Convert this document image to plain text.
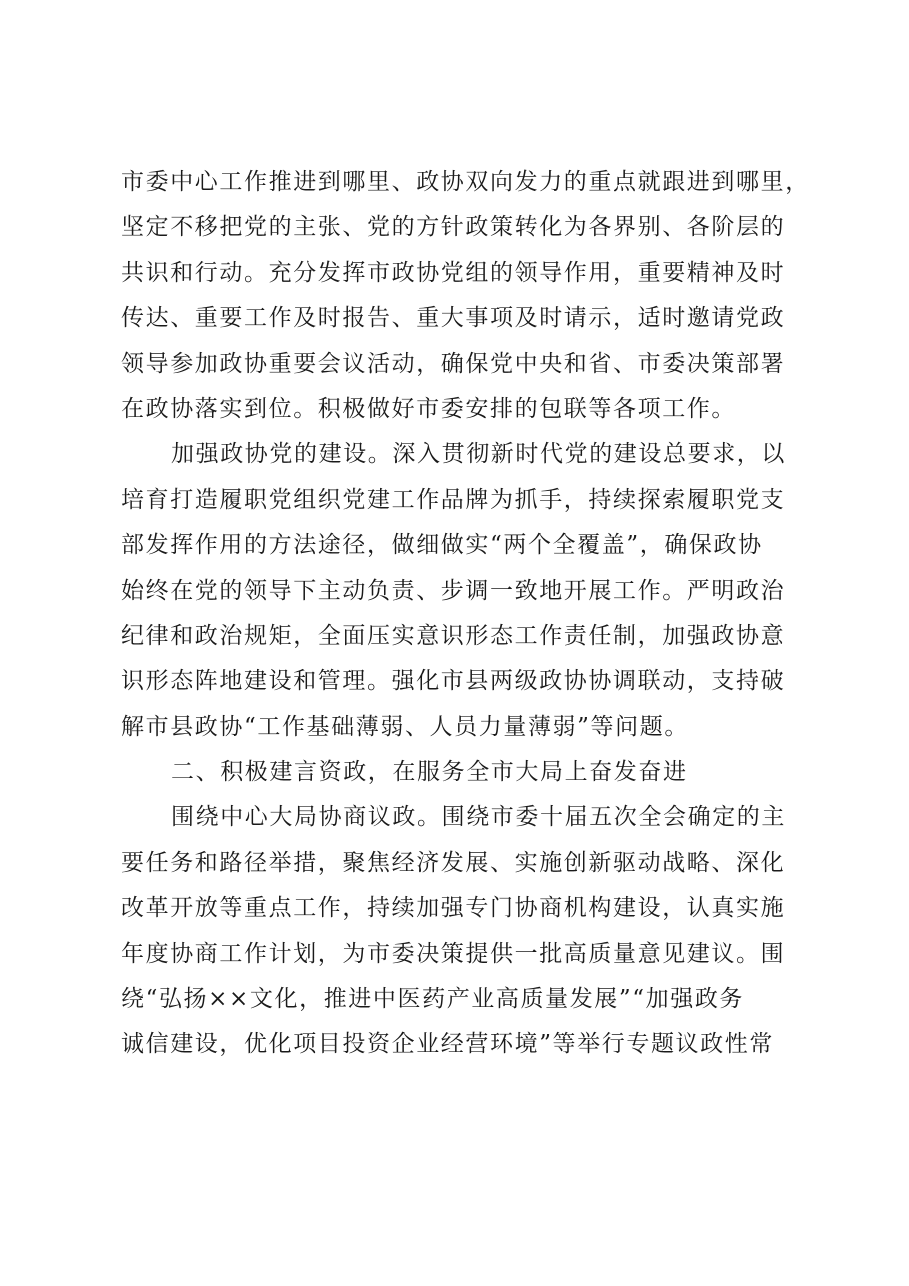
市委中心工作推进到哪里、政协双向发力的重点就跟进到哪里，
坚定不移把党的主张、党的方针政策转化为各界别、各阶层的
共识和行动。充分发挥市政协党组的领导作用，重要精神及时
传达、重要工作及时报告、重大事项及时请示，适时邀请党政
领导参加政协重要会议活动，确保党中央和省、市委决策部署
在政协落实到位。积极做好市委安排的包联等各项工作。
加强政协党的建设。深入贯彻新时代党的建设总要求，以
培育打造履职党组织党建工作品牌为抓手，持续探索履职党支
部发挥作用的方法途径，做细做实“两个全覆盖”，确保政协
始终在党的领导下主动负责、步调一致地开展工作。严明政治
纪律和政治规矩，全面压实意识形态工作责任制，加强政协意
识形态阵地建设和管理。强化市县两级政协协调联动，支持破
解市县政协“工作基础薄弱、人员力量薄弱”等问题。
二、积极建言资政，在服务全市大局上奋发奋进
围绕中心大局协商议政。围绕市委十届五次全会确定的主
要任务和路径举措，聚焦经济发展、实施创新驱动战略、深化
改革开放等重点工作，持续加强专门协商机构建设，认真实施
年度协商工作计划，为市委决策提供一批高质量意见建议。围
绕“弘扬××文化，推进中医药产业高质量发展”“加强政务
诚信建设，优化项目投资企业经营环境”等举行专题议政性常
